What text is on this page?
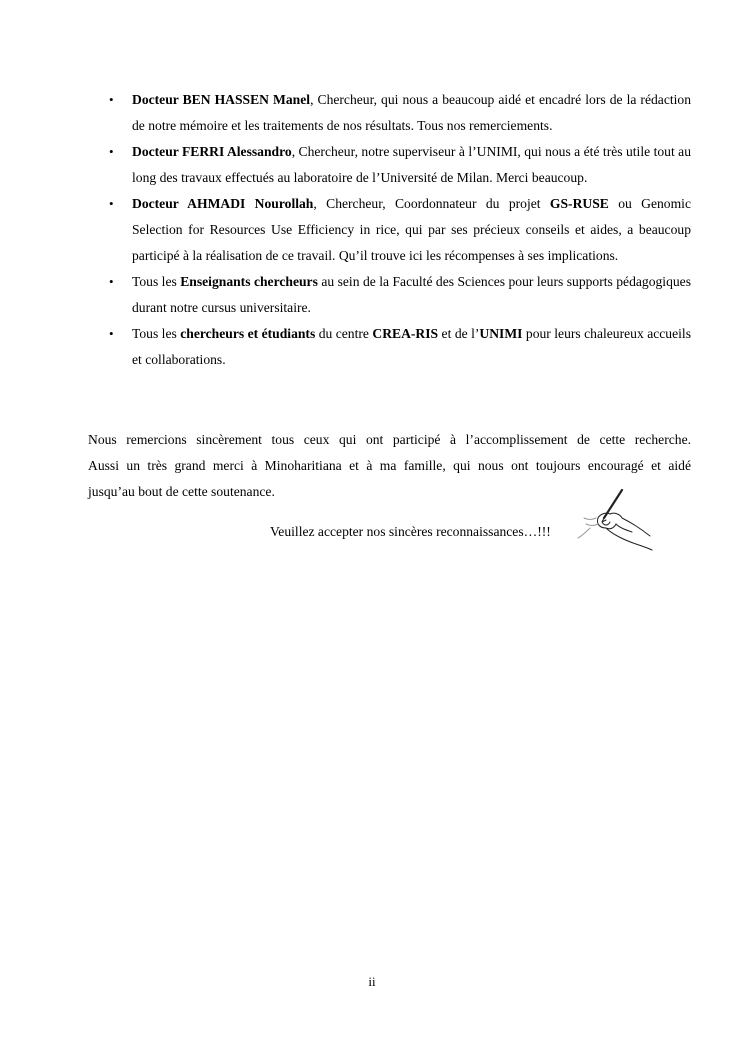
• Docteur BEN HASSEN Manel, Chercheur, qui nous a beaucoup aidé et encadré lors de la rédaction de notre mémoire et les traitements de nos résultats. Tous nos remerciements.
• Docteur FERRI Alessandro, Chercheur, notre superviseur à l’UNIMI, qui nous a été très utile tout au long des travaux effectués au laboratoire de l’Université de Milan. Merci beaucoup.
• Docteur AHMADI Nourollah, Chercheur, Coordonnateur du projet GS-RUSE ou Genomic Selection for Resources Use Efficiency in rice, qui par ses précieux conseils et aides, a beaucoup participé à la réalisation de ce travail. Qu’il trouve ici les récompenses à ses implications.
• Tous les Enseignants chercheurs au sein de la Faculté des Sciences pour leurs supports pédagogiques durant notre cursus universitaire.
• Tous les chercheurs et étudiants du centre CREA-RIS et de l’UNIMI pour leurs chaleureux accueils et collaborations.

Nous remercions sincèrement tous ceux qui ont participé à l’accomplissement de cette recherche.
Aussi un très grand merci à Minoharitiana et à ma famille, qui nous ont toujours encouragé et aidé
jusqu’au bout de cette soutenance.

Veuillez accepter nos sincères reconnaissances…!!!
ii
